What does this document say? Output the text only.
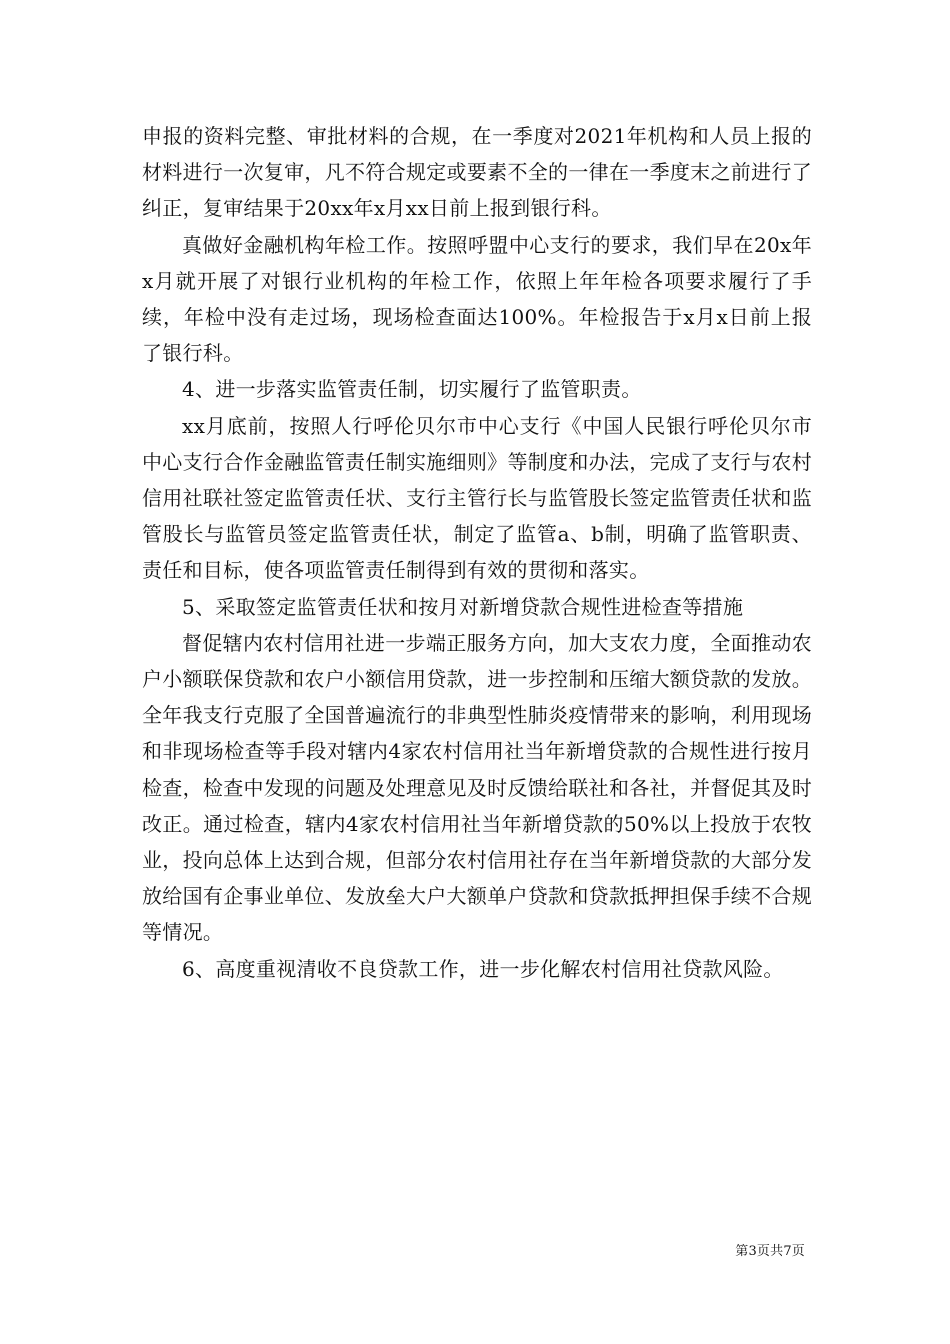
申报的资料完整、审批材料的合规，在一季度对2021年机构和人员上报的材料进行一次复审，凡不符合规定或要素不全的一律在一季度末之前进行了纠正，复审结果于20xx年x月xx日前上报到银行科。

真做好金融机构年检工作。按照呼盟中心支行的要求，我们早在20x年x月就开展了对银行业机构的年检工作，依照上年年检各项要求履行了手续，年检中没有走过场，现场检查面达100%。年检报告于x月x日前上报了银行科。

4、进一步落实监管责任制，切实履行了监管职责。

xx月底前，按照人行呼伦贝尔市中心支行《中国人民银行呼伦贝尔市中心支行合作金融监管责任制实施细则》等制度和办法，完成了支行与农村信用社联社签定监管责任状、支行主管行长与监管股长签定监管责任状和监管股长与监管员签定监管责任状，制定了监管a、b制，明确了监管职责、责任和目标，使各项监管责任制得到有效的贯彻和落实。

5、采取签定监管责任状和按月对新增贷款合规性进检查等措施

督促辖内农村信用社进一步端正服务方向，加大支农力度，全面推动农户小额联保贷款和农户小额信用贷款，进一步控制和压缩大额贷款的发放。全年我支行克服了全国普遍流行的非典型性肺炎疫情带来的影响，利用现场和非现场检查等手段对辖内4家农村信用社当年新增贷款的合规性进行按月检查，检查中发现的问题及处理意见及时反馈给联社和各社，并督促其及时改正。通过检查，辖内4家农村信用社当年新增贷款的50%以上投放于农牧业，投向总体上达到合规，但部分农村信用社存在当年新增贷款的大部分发放给国有企事业单位、发放垒大户大额单户贷款和贷款抵押担保手续不合规等情况。

6、高度重视清收不良贷款工作，进一步化解农村信用社贷款风险。

第3页共7页
